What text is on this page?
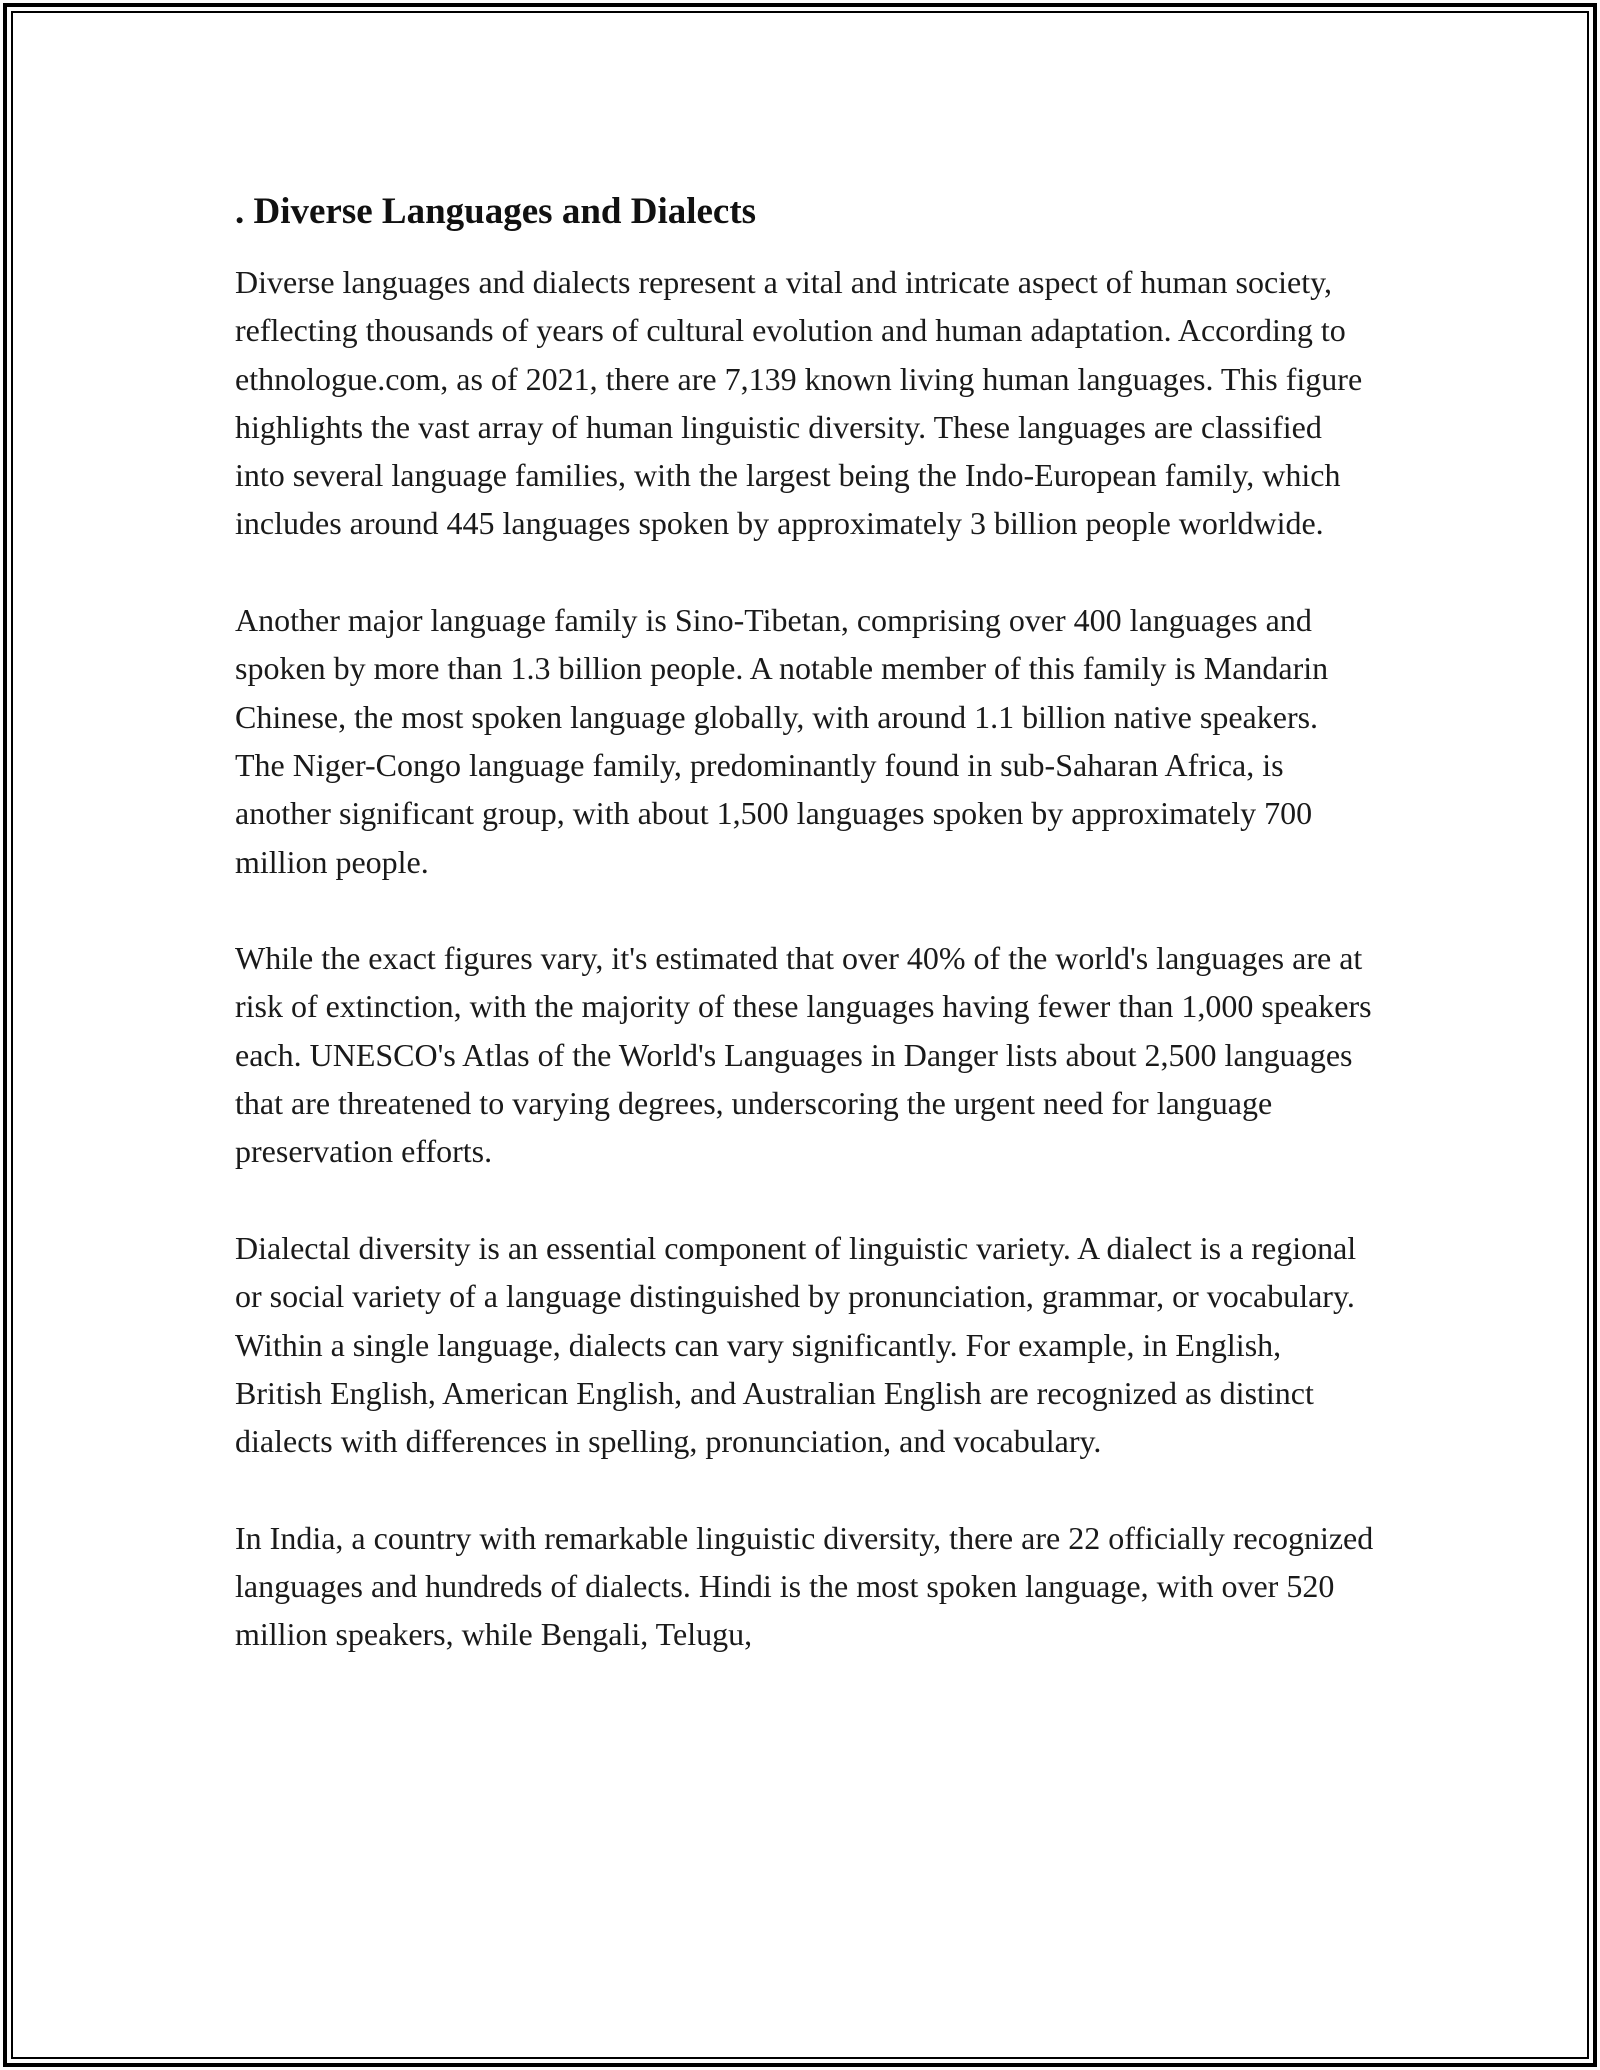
. Diverse Languages and Dialects

Diverse languages and dialects represent a vital and intricate aspect of human society, reflecting thousands of years of cultural evolution and human adaptation. According to ethnologue.com, as of 2021, there are 7,139 known living human languages. This figure highlights the vast array of human linguistic diversity. These languages are classified into several language families, with the largest being the Indo-European family, which includes around 445 languages spoken by approximately 3 billion people worldwide.

Another major language family is Sino-Tibetan, comprising over 400 languages and spoken by more than 1.3 billion people. A notable member of this family is Mandarin Chinese, the most spoken language globally, with around 1.1 billion native speakers. The Niger-Congo language family, predominantly found in sub-Saharan Africa, is another significant group, with about 1,500 languages spoken by approximately 700 million people.

While the exact figures vary, it's estimated that over 40% of the world's languages are at risk of extinction, with the majority of these languages having fewer than 1,000 speakers each. UNESCO's Atlas of the World's Languages in Danger lists about 2,500 languages that are threatened to varying degrees, underscoring the urgent need for language preservation efforts.

Dialectal diversity is an essential component of linguistic variety. A dialect is a regional or social variety of a language distinguished by pronunciation, grammar, or vocabulary. Within a single language, dialects can vary significantly. For example, in English, British English, American English, and Australian English are recognized as distinct dialects with differences in spelling, pronunciation, and vocabulary.

In India, a country with remarkable linguistic diversity, there are 22 officially recognized languages and hundreds of dialects. Hindi is the most spoken language, with over 520 million speakers, while Bengali, Telugu,
